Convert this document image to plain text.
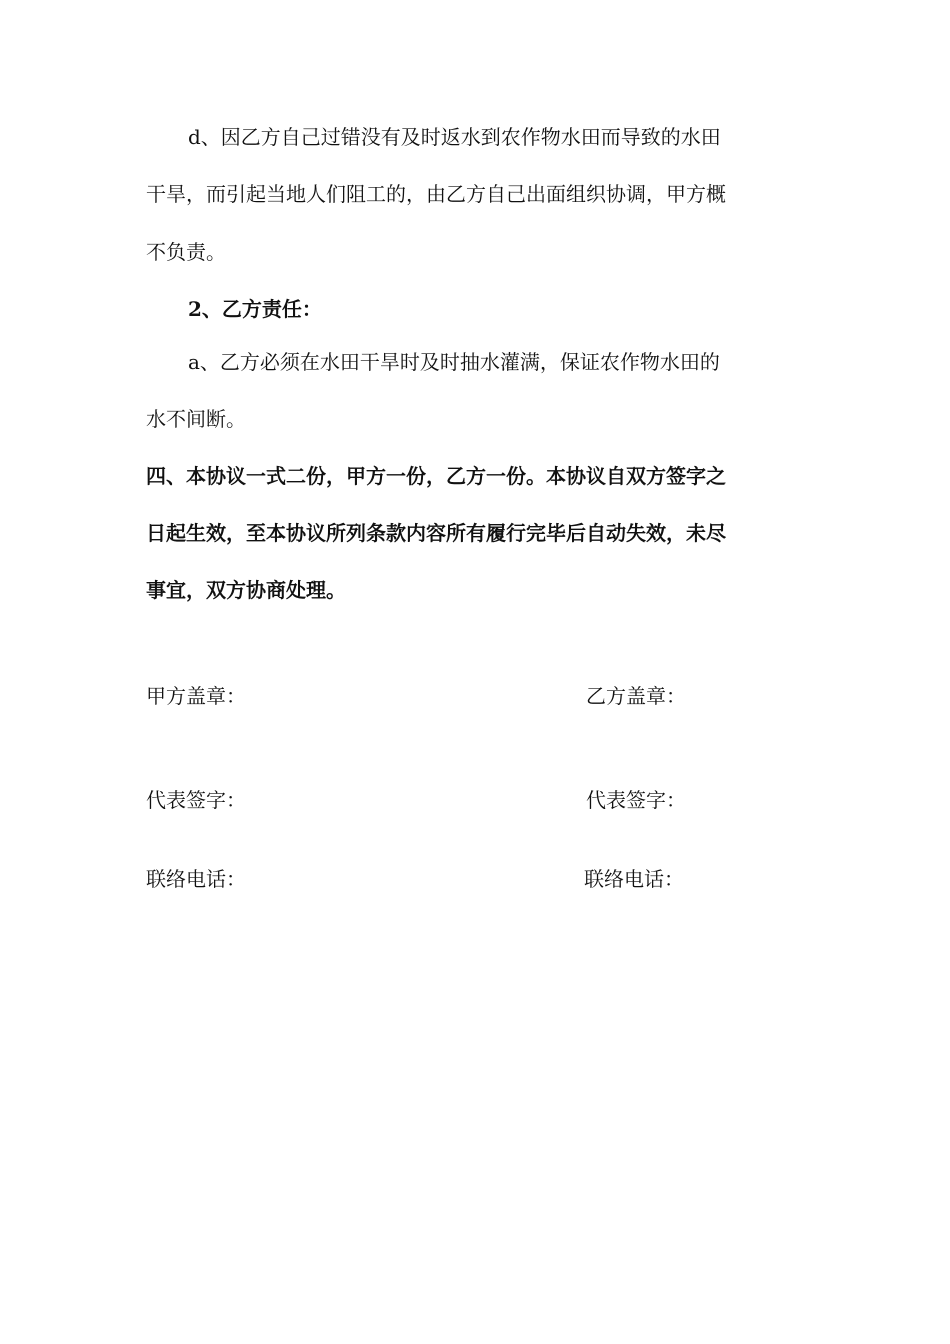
d、因乙方自己过错没有及时返水到农作物水田而导致的水田
干旱，而引起当地人们阻工的，由乙方自己出面组织协调，甲方概
不负责。
2、乙方责任：
a、乙方必须在水田干旱时及时抽水灌满，保证农作物水田的
水不间断。
四、本协议一式二份，甲方一份，乙方一份。本协议自双方签字之
日起生效，至本协议所列条款内容所有履行完毕后自动失效，未尽
事宜，双方协商处理。
甲方盖章：	乙方盖章：
代表签字：	代表签字：
联络电话：	联络电话：
